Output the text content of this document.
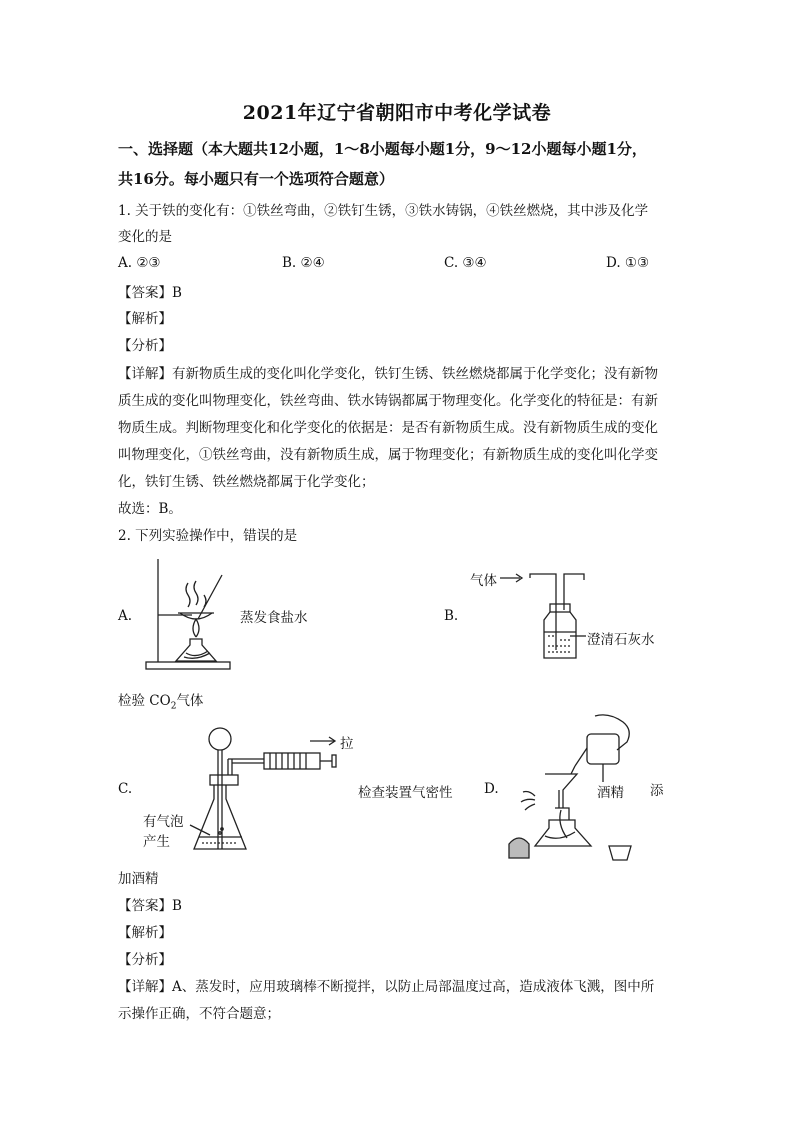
2021年辽宁省朝阳市中考化学试卷
一、选择题（本大题共12小题，1～8小题每小题1分，9～12小题每小题1分，
共16分。每小题只有一个选项符合题意）
1. 关于铁的变化有：①铁丝弯曲，②铁钉生锈，③铁水铸锅，④铁丝燃烧，其中涉及化学
变化的是
A. ②③	B. ②④	C. ③④	D. ①③
【答案】B
【解析】
【分析】
【详解】有新物质生成的变化叫化学变化，铁钉生锈、铁丝燃烧都属于化学变化；没有新物
质生成的变化叫物理变化，铁丝弯曲、铁水铸锅都属于物理变化。化学变化的特征是：有新
物质生成。判断物理变化和化学变化的依据是：是否有新物质生成。没有新物质生成的变化
叫物理变化，①铁丝弯曲，没有新物质生成，属于物理变化；有新物质生成的变化叫化学变
化，铁钉生锈、铁丝燃烧都属于化学变化；
故选：B。
2. 下列实验操作中，错误的是
A.	蒸发食盐水	B.
气体
澄清石灰水
检验 $CO_2$气体
C.
拉
有气泡
产生
检查装置气密性 D.	酒精 添
加酒精
【答案】B
【解析】
【分析】
【详解】A、蒸发时，应用玻璃棒不断搅拌，以防止局部温度过高，造成液体飞溅，图中所
示操作正确，不符合题意；
